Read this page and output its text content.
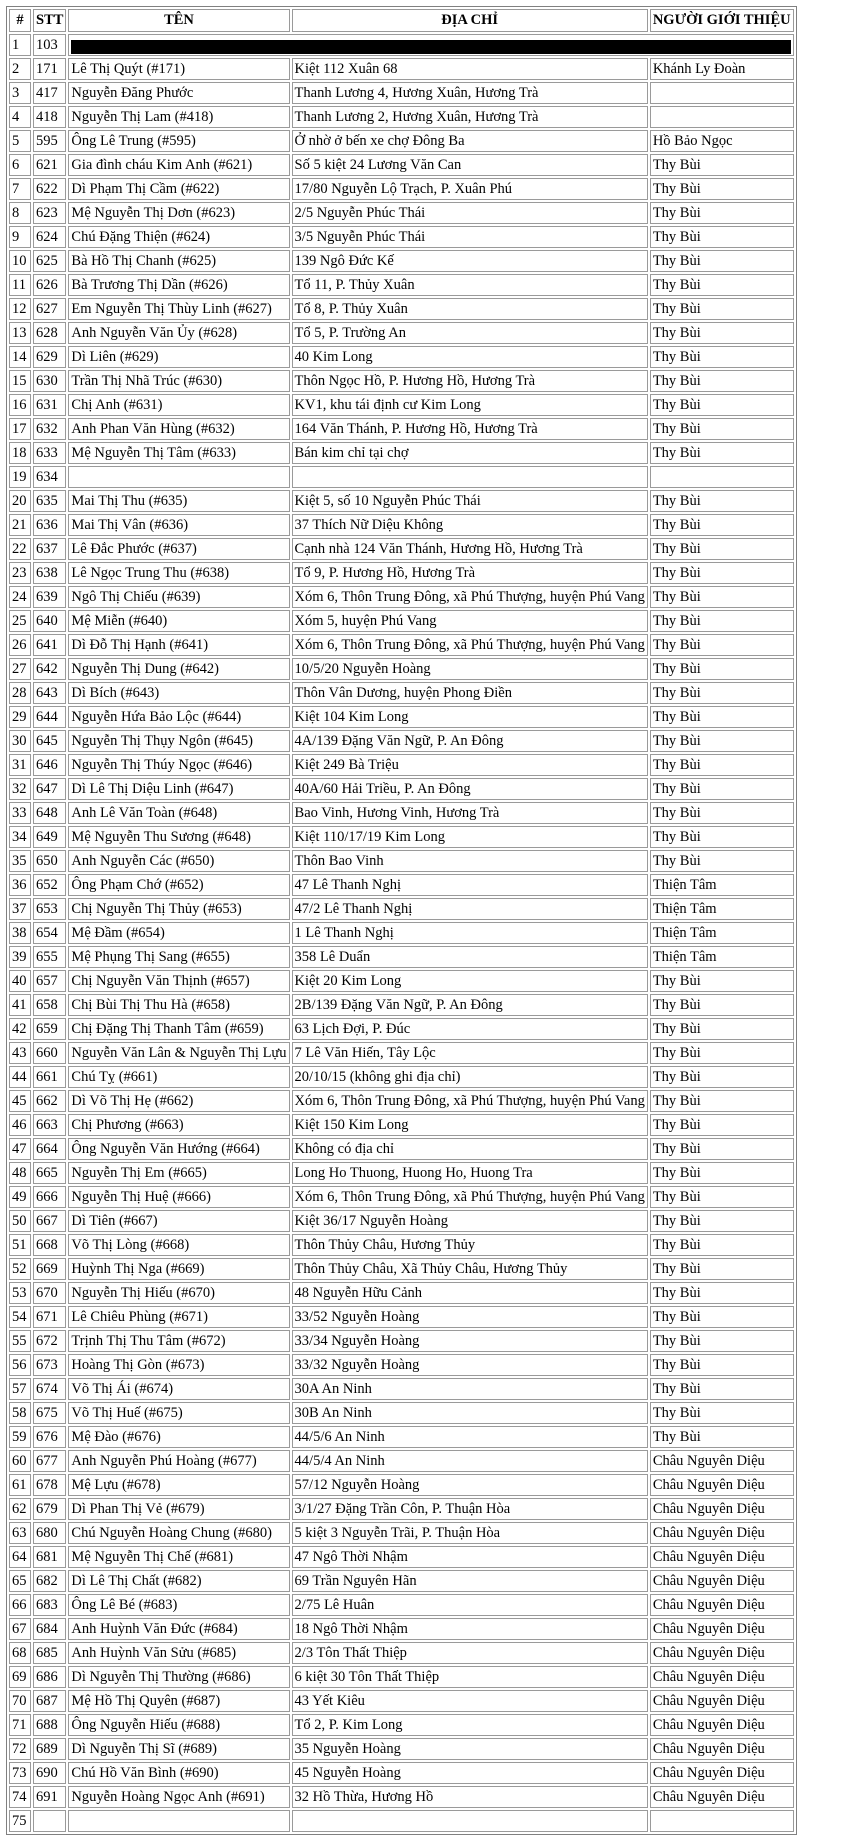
#	STT	TÊN	ĐỊA CHỈ	NGƯỜI GIỚI THIỆU
1	103			

2	171	Lê Thị Quýt (#171)	Kiệt 112 Xuân 68	Khánh Ly Đoàn
3	417	Nguyễn Đăng Phước	Thanh Lương 4, Hương Xuân, Hương Trà	
4	418	Nguyễn Thị Lam (#418)	Thanh Lương 2, Hương Xuân, Hương Trà	
5	595	Ông Lê Trung (#595)	Ở nhờ ở bến xe chợ Đông Ba	Hồ Bảo Ngọc
6	621	Gia đình cháu Kim Anh (#621)	Số 5 kiệt 24 Lương Văn Can	Thy Bùi
7	622	Dì Phạm Thị Cầm (#622)	17/80 Nguyễn Lộ Trạch, P. Xuân Phú	Thy Bùi
8	623	Mệ Nguyễn Thị Dơn (#623)	2/5 Nguyễn Phúc Thái	Thy Bùi
9	624	Chú Đặng Thiện (#624)	3/5 Nguyễn Phúc Thái	Thy Bùi
10	625	Bà Hồ Thị Chanh (#625)	139 Ngô Đức Kế	Thy Bùi
11	626	Bà Trương Thị Dần (#626)	Tổ 11, P. Thủy Xuân	Thy Bùi
12	627	Em Nguyễn Thị Thùy Linh (#627)	Tổ 8, P. Thủy Xuân	Thy Bùi
13	628	Anh Nguyễn Văn Ủy (#628)	Tổ 5, P. Trường An	Thy Bùi
14	629	Dì Liên (#629)	40 Kim Long	Thy Bùi
15	630	Trần Thị Nhã Trúc (#630)	Thôn Ngọc Hồ, P. Hương Hồ, Hương Trà	Thy Bùi
16	631	Chị Anh (#631)	KV1, khu tái định cư Kim Long	Thy Bùi
17	632	Anh Phan Văn Hùng (#632)	164 Văn Thánh, P. Hương Hồ, Hương Trà	Thy Bùi
18	633	Mệ Nguyễn Thị Tâm (#633)	Bán kim chỉ tại chợ	Thy Bùi
19	634			
20	635	Mai Thị Thu (#635)	Kiệt 5, số 10 Nguyễn Phúc Thái	Thy Bùi
21	636	Mai Thị Vân (#636)	37 Thích Nữ Diệu Không	Thy Bùi
22	637	Lê Đắc Phước (#637)	Cạnh nhà 124 Văn Thánh, Hương Hồ, Hương Trà	Thy Bùi
23	638	Lê Ngọc Trung Thu (#638)	Tổ 9, P. Hương Hồ, Hương Trà	Thy Bùi
24	639	Ngô Thị Chiếu (#639)	Xóm 6, Thôn Trung Đông, xã Phú Thượng, huyện Phú Vang	Thy Bùi
25	640	Mệ Miễn (#640)	Xóm 5, huyện Phú Vang	Thy Bùi
26	641	Dì Đỗ Thị Hạnh (#641)	Xóm 6, Thôn Trung Đông, xã Phú Thượng, huyện Phú Vang	Thy Bùi
27	642	Nguyễn Thị Dung (#642)	10/5/20 Nguyễn Hoàng	Thy Bùi
28	643	Dì Bích (#643)	Thôn Vân Dương, huyện Phong Điền	Thy Bùi
29	644	Nguyễn Hứa Bảo Lộc (#644)	Kiệt 104 Kim Long	Thy Bùi
30	645	Nguyễn Thị Thụy Ngôn (#645)	4A/139 Đặng Văn Ngữ, P. An Đông	Thy Bùi
31	646	Nguyễn Thị Thúy Ngọc (#646)	Kiệt 249 Bà Triệu	Thy Bùi
32	647	Dì Lê Thị Diệu Linh (#647)	40A/60 Hải Triều, P. An Đông	Thy Bùi
33	648	Anh Lê Văn Toàn (#648)	Bao Vinh, Hương Vinh, Hương Trà	Thy Bùi
34	649	Mệ Nguyễn Thu Sương (#648)	Kiệt 110/17/19 Kim Long	Thy Bùi
35	650	Anh Nguyễn Các (#650)	Thôn Bao Vinh	Thy Bùi
36	652	Ông Phạm Chớ (#652)	47 Lê Thanh Nghị	Thiện Tâm
37	653	Chị Nguyễn Thị Thủy (#653)	47/2 Lê Thanh Nghị	Thiện Tâm
38	654	Mệ Đầm (#654)	1 Lê Thanh Nghị	Thiện Tâm
39	655	Mệ Phụng Thị Sang (#655)	358 Lê Duẩn	Thiện Tâm
40	657	Chị Nguyễn Văn Thịnh (#657)	Kiệt 20 Kim Long	Thy Bùi
41	658	Chị Bùi Thị Thu Hà (#658)	2B/139 Đặng Văn Ngữ, P. An Đông	Thy Bùi
42	659	Chị Đặng Thị Thanh Tâm (#659)	63 Lịch Đợi, P. Đúc	Thy Bùi
43	660	Nguyễn Văn Lân & Nguyễn Thị Lựu	7 Lê Văn Hiến, Tây Lộc	Thy Bùi
44	661	Chú Tỵ (#661)	20/10/15 (không ghi địa chỉ)	Thy Bùi
45	662	Dì Võ Thị Hẹ (#662)	Xóm 6, Thôn Trung Đông, xã Phú Thượng, huyện Phú Vang	Thy Bùi
46	663	Chị Phương (#663)	Kiệt 150 Kim Long	Thy Bùi
47	664	Ông Nguyễn Văn Hướng (#664)	Không có địa chỉ	Thy Bùi
48	665	Nguyễn Thị Em (#665)	Long Ho Thuong, Huong Ho, Huong Tra	Thy Bùi
49	666	Nguyễn Thị Huệ (#666)	Xóm 6, Thôn Trung Đông, xã Phú Thượng, huyện Phú Vang	Thy Bùi
50	667	Dì Tiên (#667)	Kiệt 36/17 Nguyễn Hoàng	Thy Bùi
51	668	Võ Thị Lòng (#668)	Thôn Thủy Châu, Hương Thủy	Thy Bùi
52	669	Huỳnh Thị Nga (#669)	Thôn Thủy Châu, Xã Thủy Châu, Hương Thủy	Thy Bùi
53	670	Nguyễn Thị Hiếu (#670)	48 Nguyễn Hữu Cảnh	Thy Bùi
54	671	Lê Chiêu Phùng (#671)	33/52 Nguyễn Hoàng	Thy Bùi
55	672	Trịnh Thị Thu Tâm (#672)	33/34 Nguyễn Hoàng	Thy Bùi
56	673	Hoàng Thị Gòn (#673)	33/32 Nguyễn Hoàng	Thy Bùi
57	674	Võ Thị Ái (#674)	30A An Ninh	Thy Bùi
58	675	Võ Thị Huế (#675)	30B An Ninh	Thy Bùi
59	676	Mệ Đào (#676)	44/5/6 An Ninh	Thy Bùi
60	677	Anh Nguyễn Phú Hoàng (#677)	44/5/4 An Ninh	Châu Nguyên Diệu
61	678	Mệ Lựu (#678)	57/12 Nguyễn Hoàng	Châu Nguyên Diệu
62	679	Dì Phan Thị Vẻ (#679)	3/1/27 Đặng Trần Côn, P. Thuận Hòa	Châu Nguyên Diệu
63	680	Chú Nguyễn Hoàng Chung (#680)	5 kiệt 3 Nguyễn Trãi, P. Thuận Hòa	Châu Nguyên Diệu
64	681	Mệ Nguyễn Thị Chế (#681)	47 Ngô Thời Nhậm	Châu Nguyên Diệu
65	682	Dì Lê Thị Chất (#682)	69 Trần Nguyên Hãn	Châu Nguyên Diệu
66	683	Ông Lê Bé (#683)	2/75 Lê Huân	Châu Nguyên Diệu
67	684	Anh Huỳnh Văn Đức (#684)	18 Ngô Thời Nhậm	Châu Nguyên Diệu
68	685	Anh Huỳnh Văn Sửu (#685)	2/3 Tôn Thất Thiệp	Châu Nguyên Diệu
69	686	Dì Nguyễn Thị Thường (#686)	6 kiệt 30 Tôn Thất Thiệp	Châu Nguyên Diệu
70	687	Mệ Hồ Thị Quyên (#687)	43 Yết Kiêu	Châu Nguyên Diệu
71	688	Ông Nguyễn Hiếu (#688)	Tổ 2, P. Kim Long	Châu Nguyên Diệu
72	689	Dì Nguyễn Thị Sĩ (#689)	35 Nguyễn Hoàng	Châu Nguyên Diệu
73	690	Chú Hồ Văn Bình (#690)	45 Nguyễn Hoàng	Châu Nguyên Diệu
74	691	Nguyễn Hoàng Ngọc Anh (#691)	32 Hồ Thừa, Hương Hồ	Châu Nguyên Diệu
75				
